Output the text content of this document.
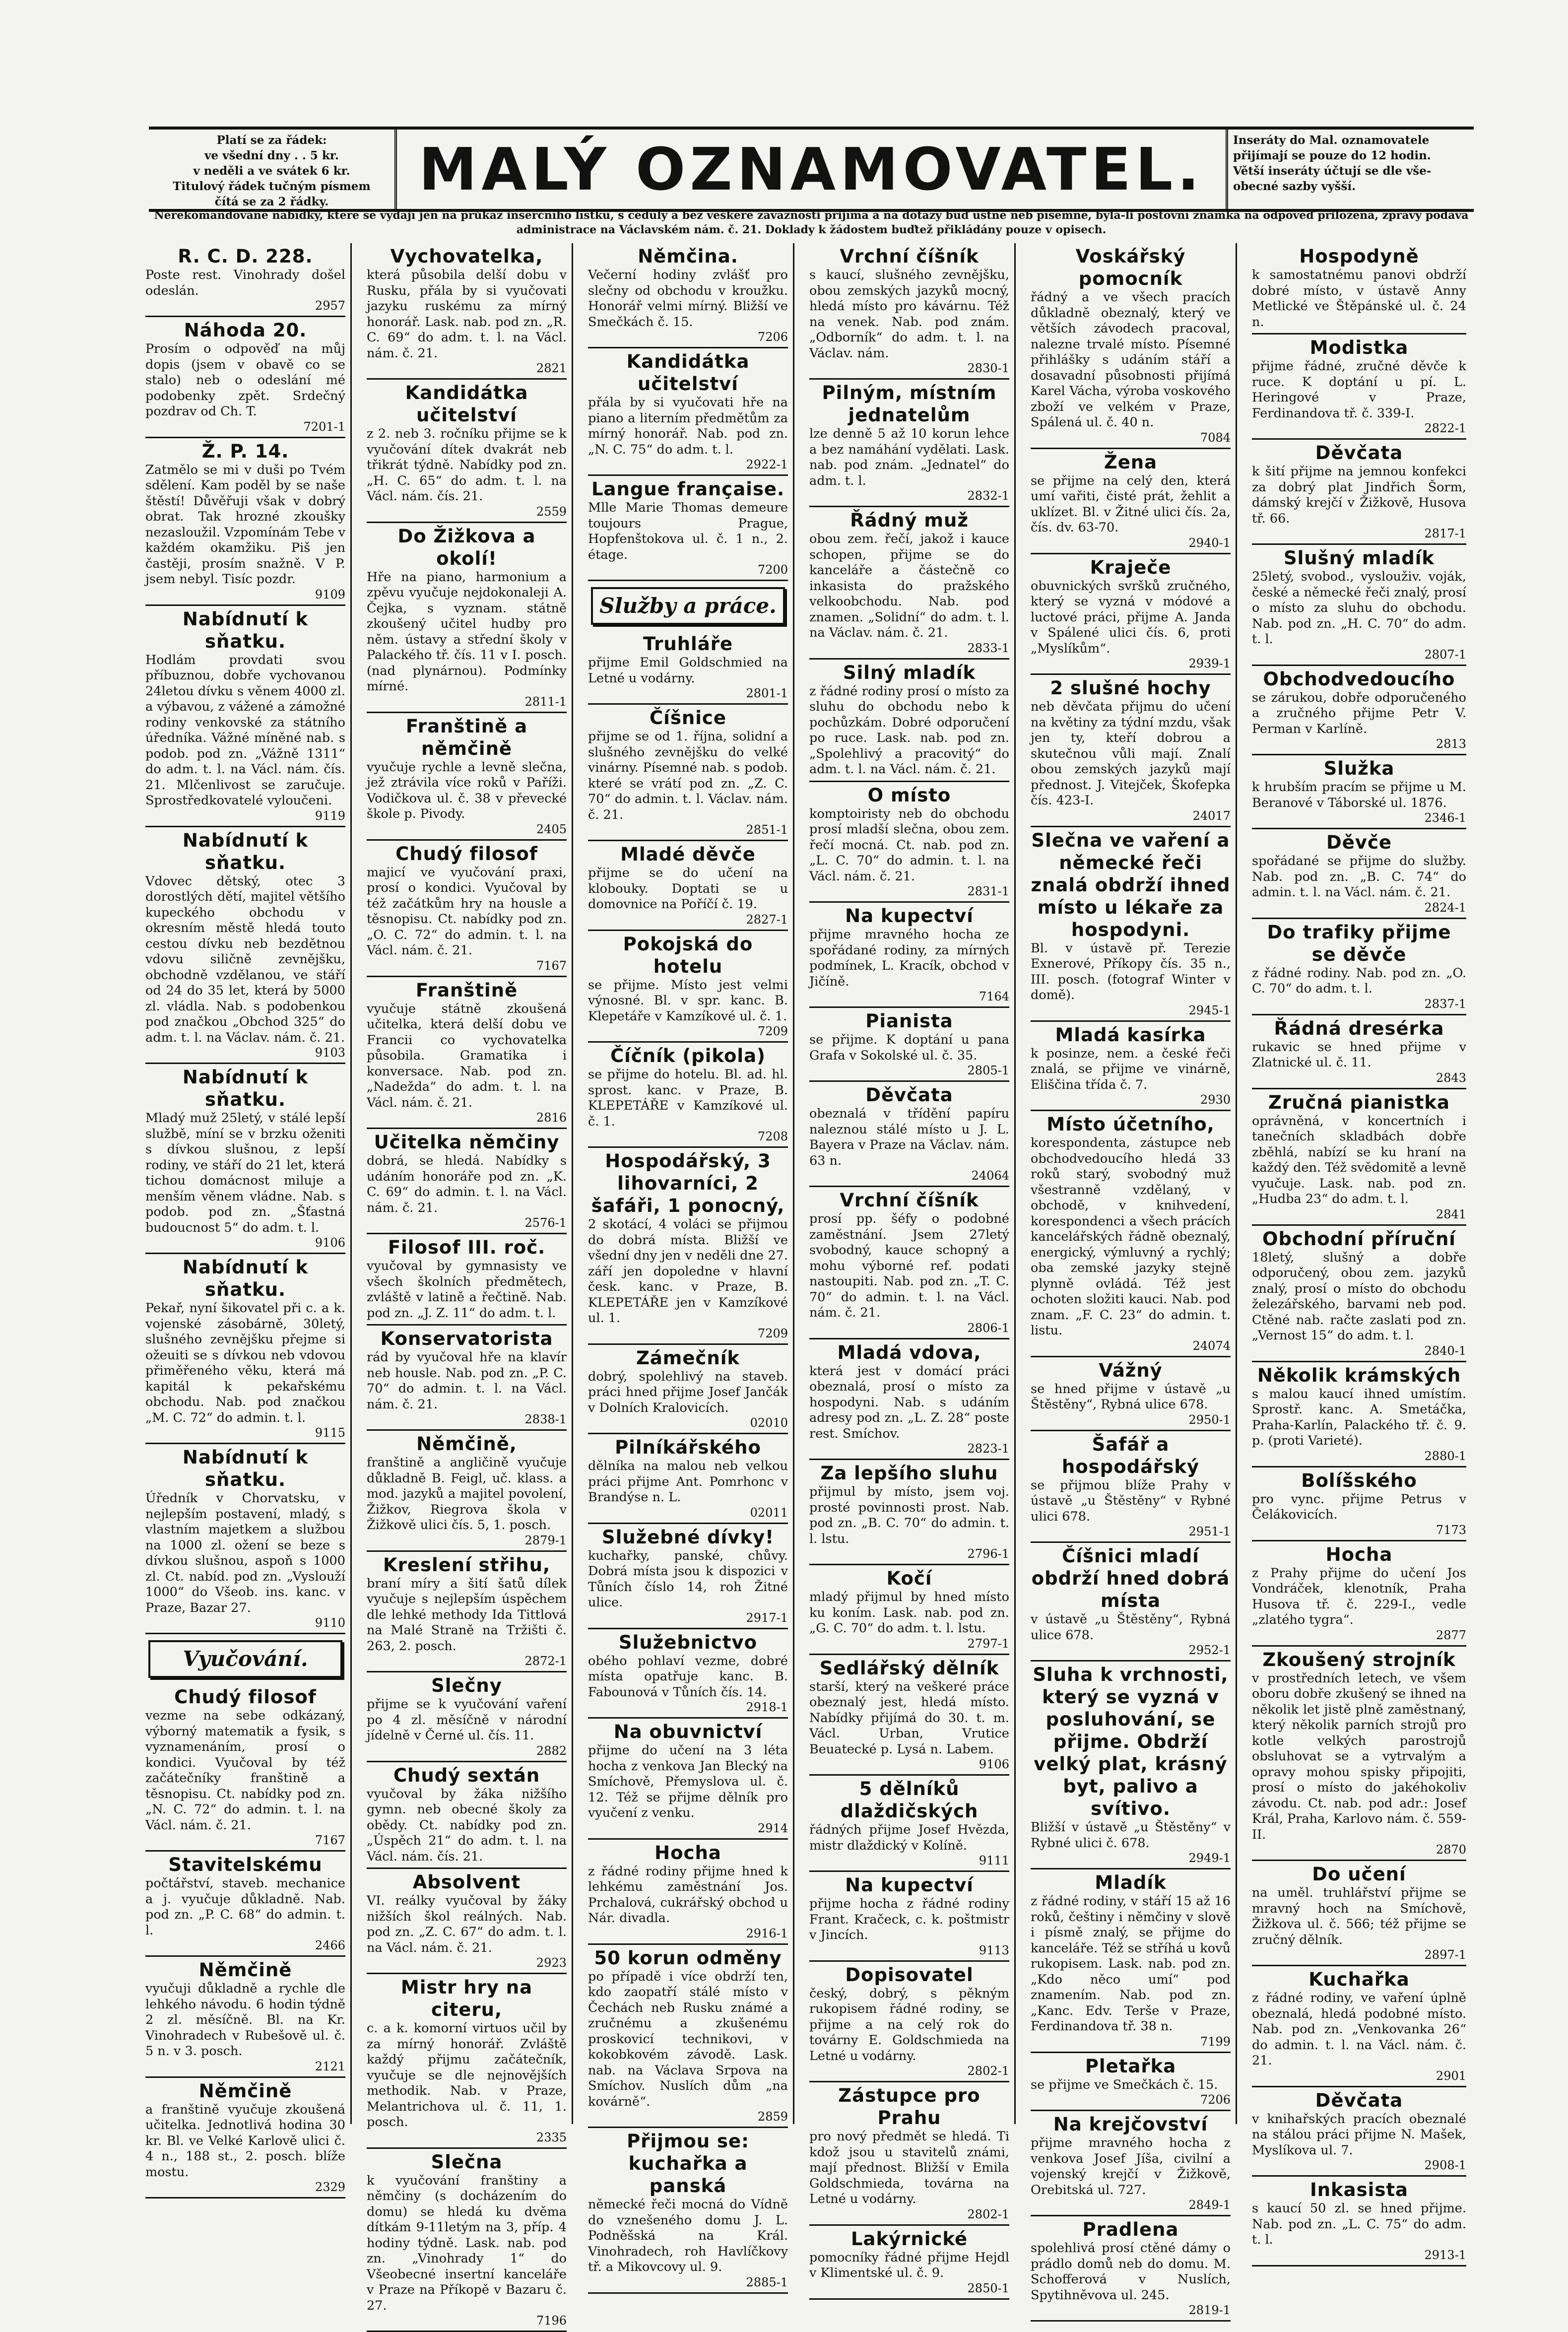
Platí se za řádek:
ve všední dny . . 5 kr.
v neděli a ve svátek 6 kr.
Titulový řádek tučným písmem
čítá se za 2 řádky.	MALÝ OZNAMOVATEL.	Inseráty do Mal. oznamovatele
přijímají se pouze do 12 hodin.
Větší inseráty účtují se dle vše-
obecné sazby vyšší.
Nerekomandované nabídky, které se vydají jen na průkaz inserčního lístku, s ceduly a bez veškeré závaznosti přijímá a na dotazy buď ústně neb písemně, byla-li poštovní známka na odpověď přiložena, zprávy podává administrace na Václavském nám. č. 21. Doklady k žádostem buďtež přikládány pouze v opisech.
R. C. D. 228.

Poste rest. Vinohrady došel odeslán.

2957
Náhoda 20.

Prosím o odpověď na můj dopis (jsem v obavě co se stalo) neb o odeslání mé podobenky zpět. Srdečný pozdrav od Ch. T.

7201-1
Ž. P. 14.

Zatmělo se mi v duši po Tvém sdělení. Kam poděl by se naše štěstí! Důvěřuji však v dobrý obrat. Tak hrozné zkoušky nezasloužil. Vzpomínám Tebe v každém okamžiku. Piš jen častěji, prosím snažně. V P. jsem nebyl. Tisíc pozdr.

9109
Nabídnutí k sňatku.

Hodlám provdati svou příbuznou, dobře vychovanou 24letou dívku s věnem 4000 zl. a výbavou, z vážené a zámožné rodiny venkovské za státního úředníka. Vážné míněné nab. s podob. pod zn. „Vážně 1311“ do adm. t. l. na Václ. nám. čís. 21. Mlčenlivost se zaručuje. Sprostředkovatelé vyloučeni.

9119
Nabídnutí k sňatku.

Vdovec dětský, otec 3 dorostlých dětí, majitel většího kupeckého obchodu v okresním městě hledá touto cestou dívku neb bezdětnou vdovu siličně zevnějšku, obchodně vzdělanou, ve stáří od 24 do 35 let, která by 5000 zl. vládla. Nab. s podobenkou pod značkou „Obchod 325“ do adm. t. l. na Václav. nám. č. 21.

9103
Nabídnutí k sňatku.

Mladý muž 25letý, v stálé lepší službě, míní se v brzku oženiti s dívkou slušnou, z lepší rodiny, ve stáří do 21 let, která tichou domácnost miluje a menším věnem vládne. Nab. s podob. pod zn. „Šťastná budoucnost 5“ do adm. t. l.

9106
Nabídnutí k sňatku.

Pekař, nyní šikovatel při c. a k. vojenské zásobárně, 30letý, slušného zevnějšku přejme si ožeuiti se s dívkou neb vdovou přiměřeného věku, která má kapitál k pekařskému obchodu. Nab. pod značkou „M. C. 72“ do admin. t. l.

9115
Nabídnutí k sňatku.

Úředník v Chorvatsku, v nejlepším postavení, mladý, s vlastním majetkem a službou na 1000 zl. ožení se beze s dívkou slušnou, aspoň s 1000 zl. Ct. nabíd. pod zn. „Vyslouží 1000“ do Všeob. ins. kanc. v Praze, Bazar 27.

9110
Vyučování.
Chudý filosof

vezme na sebe odkázaný, výborný matematik a fysik, s vyznamenáním, prosí o kondici. Vyučoval by též začátečníky franštině a těsnopisu. Ct. nabídky pod zn. „N. C. 72“ do admin. t. l. na Václ. nám. č. 21.

7167
Stavitelskému

počtářství, staveb. mechanice a j. vyučuje důkladně. Nab. pod zn. „P. C. 68“ do admin. t. l.

2466
Němčině

vyučuji důkladně a rychle dle lehkého návodu. 6 hodin týdně 2 zl. měsíčně. Bl. na Kr. Vinohradech v Rubešově ul. č. 5 n. v 3. posch.

2121
Němčině

a franštině vyučuje zkoušená učitelka. Jednotlivá hodina 30 kr. Bl. ve Velké Karlově ulici č. 4 n., 188 st., 2. posch. blíže mostu.

2329
Vychovatelka,

která působila delší dobu v Rusku, přála by si vyučovati jazyku ruskému za mírný honorář. Lask. nab. pod zn. „R. C. 69“ do adm. t. l. na Václ. nám. č. 21.

2821
Kandidátka učitelství

z 2. neb 3. ročníku přijme se k vyučování dítek dvakrát neb třikrát týdně. Nabídky pod zn. „H. C. 65“ do adm. t. l. na Václ. nám. čís. 21.

2559
Do Žižkova a okolí!

Hře na piano, harmonium a zpěvu vyučuje nejdokonaleji A. Čejka, s vyznam. státně zkoušený učitel hudby pro něm. ústavy a střední školy v Palackého tř. čís. 11 v I. posch. (nad plynárnou). Podmínky mírné.

2811-1
Franštině a němčině

vyučuje rychle a levně slečna, jež ztrávila více roků v Paříži. Vodičkova ul. č. 38 v převecké škole p. Pivody.

2405
Chudý filosof

majicí ve vyučování praxi, prosí o kondici. Vyučoval by též začátkům hry na housle a těsnopisu. Ct. nabídky pod zn. „O. C. 72“ do admin. t. l. na Václ. nám. č. 21.

7167
Franštině

vyučuje státně zkoušená učitelka, která delší dobu ve Francii co vychovatelka působila. Gramatika i konversace. Nab. pod zn. „Nadežda“ do adm. t. l. na Václ. nám. č. 21.

2816
Učitelka němčiny

dobrá, se hledá. Nabídky s udáním honoráře pod zn. „K. C. 69“ do admin. t. l. na Václ. nám. č. 21.

2576-1
Filosof III. roč.

vyučoval by gymnasisty ve všech školních předmětech, zvláště v latině a řečtině. Nab. pod zn. „J. Z. 11“ do adm. t. l.

Konservatorista

rád by vyučoval hře na klavír neb housle. Nab. pod zn. „P. C. 70“ do admin. t. l. na Václ. nám. č. 21.

2838-1
Němčině,

franštině a angličině vyučuje důkladně B. Feigl, uč. klass. a mod. jazyků a majitel povolení, Žižkov, Riegrova škola v Žižkově ulici čís. 5, 1. posch.

2879-1
Kreslení střihu,

braní míry a šití šatů dílek vyučuje s nejlepším úspěchem dle lehké methody Ida Tittlová na Malé Straně na Tržišti č. 263, 2. posch.

2872-1
Slečny

přijme se k vyučování vaření po 4 zl. měsíčně v národní jídelně v Černé ul. čís. 11.

2882
Chudý sextán

vyučoval by žáka nižšího gymn. neb obecné školy za obědy. Ct. nabídky pod zn. „Úspěch 21“ do adm. t. l. na Václ. nám. čís. 21.

Absolvent

VI. reálky vyučoval by žáky nižších škol reálných. Nab. pod zn. „Z. C. 67“ do adm. t. l. na Václ. nám. č. 21.

2923
Mistr hry na citeru,

c. a k. komorní virtuos učil by za mírný honorář. Zvláště každý přijmu začátečník, vyučuje se dle nejnovějších methodik. Nab. v Praze, Melantrichova ul. č. 11, 1. posch.

2335
Slečna

k vyučování franštiny a němčiny (s docházením do domu) se hledá ku dvěma dítkám 9-11letým na 3, příp. 4 hodiny týdně. Lask. nab. pod zn. „Vinohrady 1“ do Všeobecné insertní kanceláře v Praze na Příkopě v Bazaru č. 27.

7196
Němčina.

Večerní hodiny zvlášť pro slečny od obchodu v kroužku. Honorář velmi mírný. Bližší ve Smečkách č. 15.

7206
Kandidátka učitelství

přála by si vyučovati hře na piano a literním předmětům za mírný honorář. Nab. pod zn. „N. C. 75“ do adm. t. l.

2922-1
Langue française.

Mlle Marie Thomas demeure toujours Prague, Hopfenštokova ul. č. 1 n., 2. étage.

7200
Služby a práce.
Truhláře

přijme Emil Goldschmied na Letné u vodárny.

2801-1
Číšnice

přijme se od 1. října, solidní a slušného zevnějšku do velké vinárny. Písemné nab. s podob. které se vrátí pod zn. „Z. C. 70“ do admin. t. l. Václav. nám. č. 21.

2851-1
Mladé děvče

přijme se do učení na klobouky. Doptati se u domovnice na Poříčí č. 19.

2827-1
Pokojská do hotelu

se přijme. Místo jest velmi výnosné. Bl. v spr. kanc. B. Klepetáře v Kamzíkové ul. č. 1.

7209
Číčník (pikola)

se přijme do hotelu. Bl. ad. hl. sprost. kanc. v Praze, B. KLEPETÁŘE v Kamzíkové ul. č. 1.

7208
Hospodářský, 3 lihovarníci, 2 šafáři, 1 ponocný,

2 skotácí, 4 voláci se přijmou do dobrá místa. Bližší ve všední dny jen v neděli dne 27. září jen dopoledne v hlavní česk. kanc. v Praze, B. KLEPETÁŘE jen v Kamzíkové ul. 1.

7209
Zámečník

dobrý, spolehlivý na staveb. práci hned přijme Josef Jančák v Dolních Kralovicích.

02010
Pilníkářského

dělníka na malou neb velkou práci přijme Ant. Pomrhonc v Brandýse n. L.

02011
Služebné dívky!

kuchařky, panské, chůvy. Dobrá místa jsou k dispozici v Tůních číslo 14, roh Žitné ulice.

2917-1
Služebnictvo

obého pohlaví vezme, dobré místa opatřuje kanc. B. Fabounová v Tůních čís. 14.

2918-1
Na obuvnictví

přijme do učení na 3 léta hocha z venkova Jan Blecký na Smíchově, Přemyslova ul. č. 12. Též se přijme dělník pro vyučení z venku.

2914
Hocha

z řádné rodiny přijme hned k lehkému zaměstnání Jos. Prchalová, cukrářský obchod u Nár. divadla.

2916-1
50 korun odměny

po případě i více obdrží ten, kdo zaopatří stálé místo v Čechách neb Rusku známé a zručnému a zkušenému proskovicí technikovi, v kokobkovém závodě. Lask. nab. na Václava Srpova na Smíchov. Nuslích dům „na kovárně“.

2859
Přijmou se: kuchařka a panská

německé řeči mocná do Vídně do vznešeného domu J. L. Podněšská na Král. Vinohradech, roh Havlíčkovy tř. a Mikovcovy ul. 9.

2885-1
Vrchní číšník

s kaucí, slušného zevnějšku, obou zemských jazyků mocný, hledá místo pro kávárnu. Též na venek. Nab. pod znám. „Odborník“ do adm. t. l. na Václav. nám.

2830-1
Pilným, místním jednatelům

lze denně 5 až 10 korun lehce a bez namáhání vydělati. Lask. nab. pod znám. „Jednatel“ do adm. t. l.

2832-1
Řádný muž

obou zem. řečí, jakož i kauce schopen, přijme se do kanceláře a částečně co inkasista do pražského velkoobchodu. Nab. pod znamen. „Solidní“ do adm. t. l. na Václav. nám. č. 21.

2833-1
Silný mladík

z řádné rodiny prosí o místo za sluhu do obchodu nebo k pochůzkám. Dobré odporučení po ruce. Lask. nab. pod zn. „Spolehlivý a pracovitý“ do adm. t. l. na Václ. nám. č. 21.

O místo

komptoiristy neb do obchodu prosí mladší slečna, obou zem. řečí mocná. Ct. nab. pod zn. „L. C. 70“ do admin. t. l. na Václ. nám. č. 21.

2831-1
Na kupectví

přijme mravného hocha ze spořádané rodiny, za mírných podmínek, L. Kracík, obchod v Jičíně.

7164
Pianista

se přijme. K doptání u pana Grafa v Sokolské ul. č. 35.

2805-1
Děvčata

obeznalá v třídění papíru naleznou stálé místo u J. L. Bayera v Praze na Václav. nám. 63 n.

24064
Vrchní číšník

prosí pp. šéfy o podobné zaměstnání. Jsem 27letý svobodný, kauce schopný a mohu výborné ref. podati nastoupiti. Nab. pod zn. „T. C. 70“ do admin. t. l. na Václ. nám. č. 21.

2806-1
Mladá vdova,

která jest v domácí práci obeznalá, prosí o místo za hospodyni. Nab. s udáním adresy pod zn. „L. Z. 28“ poste rest. Smíchov.

2823-1
Za lepšího sluhu

přijmul by místo, jsem voj. prosté povinnosti prost. Nab. pod zn. „B. C. 70“ do admin. t. l. lstu.

2796-1
Kočí

mladý přijmul by hned místo ku koním. Lask. nab. pod zn. „G. C. 70“ do adm. t. l. lstu.

2797-1
Sedlářský dělník

starší, který na veškeré práce obeznalý jest, hledá místo. Nabídky přijímá do 30. t. m. Václ. Urban, Vrutice Beuatecké p. Lysá n. Labem.

9106
5 dělníků dlaždičských

řádných přijme Josef Hvězda, mistr dlaždický v Kolíně.

9111
Na kupectví

přijme hocha z řádné rodiny Frant. Kračeck, c. k. poštmistr v Jincích.

9113
Dopisovatel

český, dobrý, s pěkným rukopisem řádné rodiny, se přijme a na celý rok do továrny E. Goldschmieda na Letné u vodárny.

2802-1
Zástupce pro Prahu

pro nový předmět se hledá. Ti kdož jsou u stavitelů známi, mají přednost. Bližší v Emila Goldschmieda, továrna na Letné u vodárny.

2802-1
Lakýrnické

pomocníky řádné přijme Hejdl v Klimentské ul. č. 9.

2850-1
Voskářský pomocník

řádný a ve všech pracích důkladně obeznalý, který ve větších závodech pracoval, nalezne trvalé místo. Písemné přihlášky s udáním stáří a dosavadní působnosti přijímá Karel Vácha, výroba voskového zboží ve velkém v Praze, Spálená ul. č. 40 n.

7084
Žena

se přijme na celý den, která umí vařiti, čisté prát, žehlit a uklízet. Bl. v Žitné ulici čís. 2a, čís. dv. 63-70.

2940-1
Kraječe

obuvnických svršků zručného, který se vyzná v módové a luctové práci, přijme A. Janda v Spálené ulici čís. 6, proti „Myslíkům“.

2939-1
2 slušné hochy

neb děvčata přijmu do učení na květiny za týdní mzdu, však jen ty, kteří dobrou a skutečnou vůli mají. Znalí obou zemských jazyků mají přednost. J. Vitejček, Škofepka čís. 423-I.

24017
Slečna ve vaření a německé řeči znalá obdrží ihned místo u lékaře za hospodyni.

Bl. v ústavě př. Terezie Exnerové, Příkopy čís. 35 n., III. posch. (fotograf Winter v domě).

2945-1
Mladá kasírka

k posinze, nem. a české řeči znalá, se přijme ve vinárně, Eliščina třída č. 7.

2930
Místo účetního,

korespondenta, zástupce neb obchodvedoucího hledá 33 roků starý, svobodný muž všestranně vzdělaný, v obchodě, v knihvedení, korespondenci a všech prácích kancelářských řádně obeznalý, energický, výmluvný a rychlý; oba zemské jazyky stejně plynně ovládá. Též jest ochoten složiti kauci. Nab. pod znam. „F. C. 23“ do admin. t. listu.

24074
Vážný

se hned přijme v ústavě „u Štěstěny“, Rybná ulice 678.

2950-1
Šafář a hospodářský

se přijmou blíže Prahy v ústavě „u Štěstěny“ v Rybné ulici 678.

2951-1
Číšnici mladí obdrží hned dobrá místa

v ústavě „u Štěstěny“, Rybná ulice 678.

2952-1
Sluha k vrchnosti, který se vyzná v posluhování, se přijme. Obdrží velký plat, krásný byt, palivo a svítivo.

Bližší v ústavě „u Štěstěny“ v Rybné ulici č. 678.

2949-1
Mladík

z řádné rodiny, v stáří 15 až 16 roků, češtiny i němčiny v slově i písmě znalý, se přijme do kanceláře. Též se stříhá u kovů rukopisem. Lask. nab. pod zn. „Kdo něco umí“ pod znamením. Nab. pod zn. „Kanc. Edv. Terše v Praze, Ferdinandova tř. 38 n.

7199
Pletařka

se přijme ve Smečkách č. 15.

7206
Na krejčovství

přijme mravného hocha z venkova Josef Jíša, civilní a vojenský krejčí v Žižkově, Orebitská ul. 727.

2849-1
Pradlena

spolehlivá prosí ctěné dámy o prádlo domů neb do domu. M. Schofferová v Nuslích, Spytihněvova ul. 245.

2819-1
Hospodyně

k samostatnému panovi obdrží dobré místo, v ústavě Anny Metlické ve Štěpánské ul. č. 24 n.

Modistka

přijme řádné, zručné děvče k ruce. K doptání u pí. L. Heringové v Praze, Ferdinandova tř. č. 339-I.

2822-1
Děvčata

k šití přijme na jemnou konfekci za dobrý plat Jindřich Šorm, dámský krejčí v Žižkově, Husova tř. 66.

2817-1
Slušný mladík

25letý, svobod., vyslouživ. voják, české a německé řeči znalý, prosí o místo za sluhu do obchodu. Nab. pod zn. „H. C. 70“ do adm. t. l.

2807-1
Obchodvedoucího

se zárukou, dobře odporučeného a zručného přijme Petr V. Perman v Karlíně.

2813
Služka

k hrubším pracím se přijme u M. Beranové v Táborské ul. 1876.

2346-1
Děvče

spořádané se přijme do služby. Nab. pod zn. „B. C. 74“ do admin. t. l. na Václ. nám. č. 21.

2824-1
Do trafiky přijme se děvče

z řádné rodiny. Nab. pod zn. „O. C. 70“ do adm. t. l.

2837-1
Řádná dresérka

rukavic se hned přijme v Zlatnické ul. č. 11.

2843
Zručná pianistka

oprávněná, v koncertních i tanečních skladbách dobře zběhlá, nabízí se ku hraní na každý den. Též svědomitě a levně vyučuje. Lask. nab. pod zn. „Hudba 23“ do adm. t. l.

2841
Obchodní příruční

18letý, slušný a dobře odporučený, obou zem. jazyků znalý, prosí o místo do obchodu železářského, barvami neb pod. Ctěné nab. račte zaslati pod zn. „Vernost 15“ do adm. t. l.

2840-1
Několik krámských

s malou kaucí ihned umístím. Sprostř. kanc. A. Smetáčka, Praha-Karlín, Palackého tř. č. 9. p. (proti Varieté).

2880-1
Bolíšského

pro vync. přijme Petrus v Čelákovicích.

7173
Hocha

z Prahy přijme do učení Jos Vondráček, klenotník, Praha Husova tř. č. 229-I., vedle „zlatého tygra“.

2877
Zkoušený strojník

v prostředních letech, ve všem oboru dobře zkušený se ihned na několik let jistě plně zaměstnaný, který několik parních strojů pro kotle velkých parostrojů obsluhovat se a vytrvalým a opravy mohou spisky připojiti, prosí o místo do jakéhokoliv závodu. Ct. nab. pod adr.: Josef Král, Praha, Karlovo nám. č. 559-II.

2870
Do učení

na uměl. truhlářství přijme se mravný hoch na Smíchově, Žižkova ul. č. 566; též přijme se zručný dělník.

2897-1
Kuchařka

z řádné rodiny, ve vaření úplně obeznalá, hledá podobné místo. Nab. pod zn. „Venkovanka 26“ do admin. t. l. na Václ. nám. č. 21.

2901
Děvčata

v knihařských pracích obeznalé na stálou práci přijme N. Mašek, Myslíkova ul. 7.

2908-1
Inkasista

s kaucí 50 zl. se hned přijme. Nab. pod zn. „L. C. 75“ do adm. t. l.

2913-1
